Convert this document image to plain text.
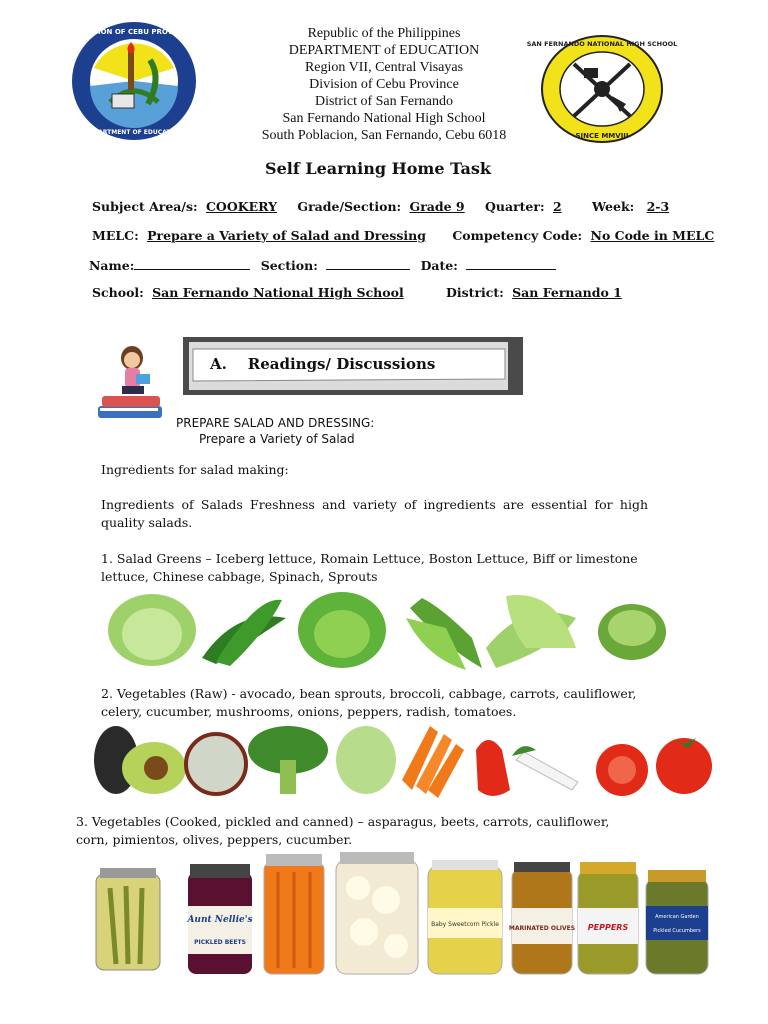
DIVISION OF CEBU PROVINCE
DEPARTMENT OF EDUCATION
Republic of the Philippines
DEPARTMENT of EDUCATION
Region VII, Central Visayas
Division of Cebu Province
District of San Fernando
San Fernando National High School
South Poblacion, San Fernando, Cebu 6018
SAN FERNANDO NATIONAL HIGH SCHOOL
SINCE MMVIII
Self Learning Home Task
Subject Area/s: COOKERY Grade/Section: Grade 9 Quarter: 2 Week: 2-3
MELC: Prepare a Variety of Salad and Dressing Competency Code: No Code in MELC
Name:	Section:	Date:
School: San Fernando National High School	District: San Fernando 1
A.    Readings/ Discussions
PREPARE SALAD AND DRESSING:
Prepare a Variety of Salad
Ingredients for salad making:
Ingredients of Salads Freshness and variety of ingredients are essential for high quality salads.
1. Salad Greens – Iceberg lettuce, Romain Lettuce, Boston Lettuce, Biff or limestone lettuce, Chinese cabbage, Spinach, Sprouts
2. Vegetables (Raw) - avocado, bean sprouts, broccoli, cabbage, carrots, cauliflower, celery, cucumber, mushrooms, onions, peppers, radish, tomatoes.
3. Vegetables (Cooked, pickled and canned) – asparagus, beets, carrots, cauliflower, corn, pimientos, olives, peppers, cucumber.
Aunt Nellie's
PICKLED BEETS
Baby Sweetcorn Pickle
MARINATED OLIVES PEPPERS
American Garden
Pickled Cucumbers
